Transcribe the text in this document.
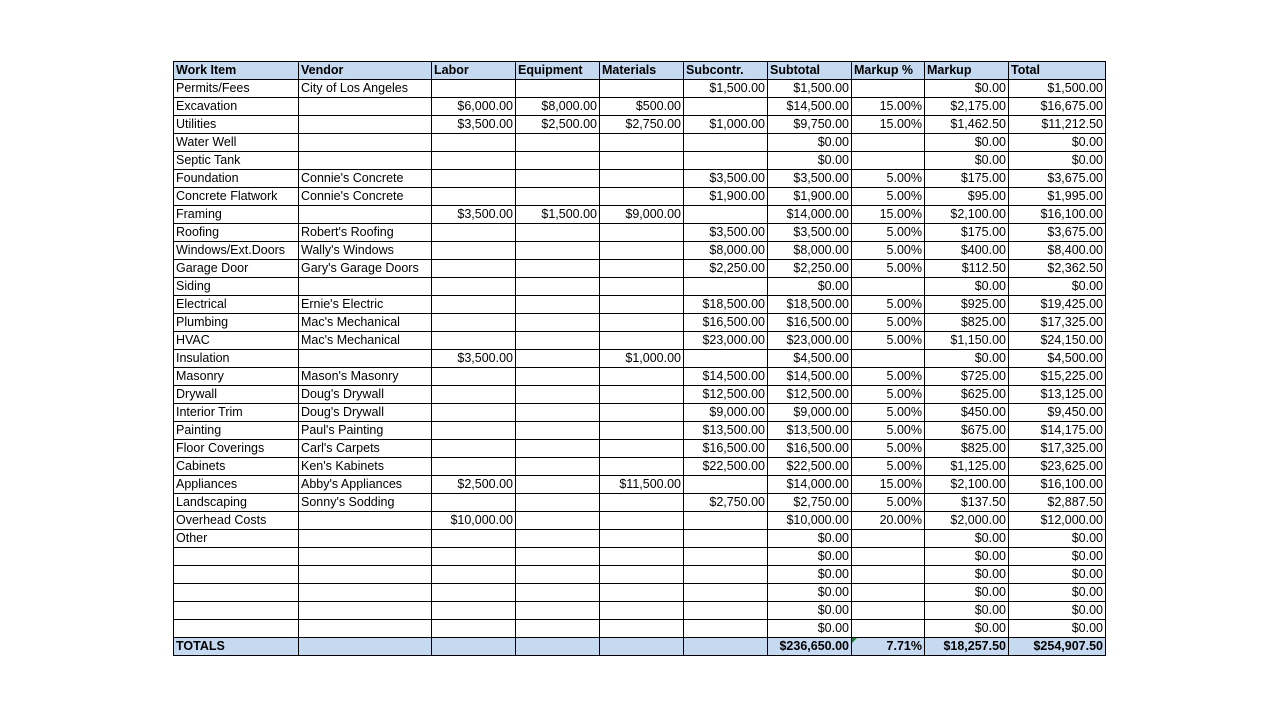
Work Item	Vendor	Labor	Equipment	Materials	Subcontr.	Subtotal	Markup %	Markup	Total
Permits/Fees	City of Los Angeles				$1,500.00	$1,500.00		$0.00	$1,500.00
Excavation		$6,000.00	$8,000.00	$500.00		$14,500.00	15.00%	$2,175.00	$16,675.00
Utilities		$3,500.00	$2,500.00	$2,750.00	$1,000.00	$9,750.00	15.00%	$1,462.50	$11,212.50
Water Well						$0.00		$0.00	$0.00
Septic Tank						$0.00		$0.00	$0.00
Foundation	Connie's Concrete				$3,500.00	$3,500.00	5.00%	$175.00	$3,675.00
Concrete Flatwork	Connie's Concrete				$1,900.00	$1,900.00	5.00%	$95.00	$1,995.00
Framing		$3,500.00	$1,500.00	$9,000.00		$14,000.00	15.00%	$2,100.00	$16,100.00
Roofing	Robert's Roofing				$3,500.00	$3,500.00	5.00%	$175.00	$3,675.00
Windows/Ext.Doors	Wally's Windows				$8,000.00	$8,000.00	5.00%	$400.00	$8,400.00
Garage Door	Gary's Garage Doors				$2,250.00	$2,250.00	5.00%	$112.50	$2,362.50
Siding						$0.00		$0.00	$0.00
Electrical	Ernie's Electric				$18,500.00	$18,500.00	5.00%	$925.00	$19,425.00
Plumbing	Mac's Mechanical				$16,500.00	$16,500.00	5.00%	$825.00	$17,325.00
HVAC	Mac's Mechanical				$23,000.00	$23,000.00	5.00%	$1,150.00	$24,150.00
Insulation		$3,500.00		$1,000.00		$4,500.00		$0.00	$4,500.00
Masonry	Mason's Masonry				$14,500.00	$14,500.00	5.00%	$725.00	$15,225.00
Drywall	Doug's Drywall				$12,500.00	$12,500.00	5.00%	$625.00	$13,125.00
Interior Trim	Doug's Drywall				$9,000.00	$9,000.00	5.00%	$450.00	$9,450.00
Painting	Paul's Painting				$13,500.00	$13,500.00	5.00%	$675.00	$14,175.00
Floor Coverings	Carl's Carpets				$16,500.00	$16,500.00	5.00%	$825.00	$17,325.00
Cabinets	Ken's Kabinets				$22,500.00	$22,500.00	5.00%	$1,125.00	$23,625.00
Appliances	Abby's Appliances	$2,500.00		$11,500.00		$14,000.00	15.00%	$2,100.00	$16,100.00
Landscaping	Sonny's Sodding				$2,750.00	$2,750.00	5.00%	$137.50	$2,887.50
Overhead Costs		$10,000.00				$10,000.00	20.00%	$2,000.00	$12,000.00
Other						$0.00		$0.00	$0.00
						$0.00		$0.00	$0.00
						$0.00		$0.00	$0.00
						$0.00		$0.00	$0.00
						$0.00		$0.00	$0.00
						$0.00		$0.00	$0.00
TOTALS						$236,650.00	7.71%	$18,257.50	$254,907.50
